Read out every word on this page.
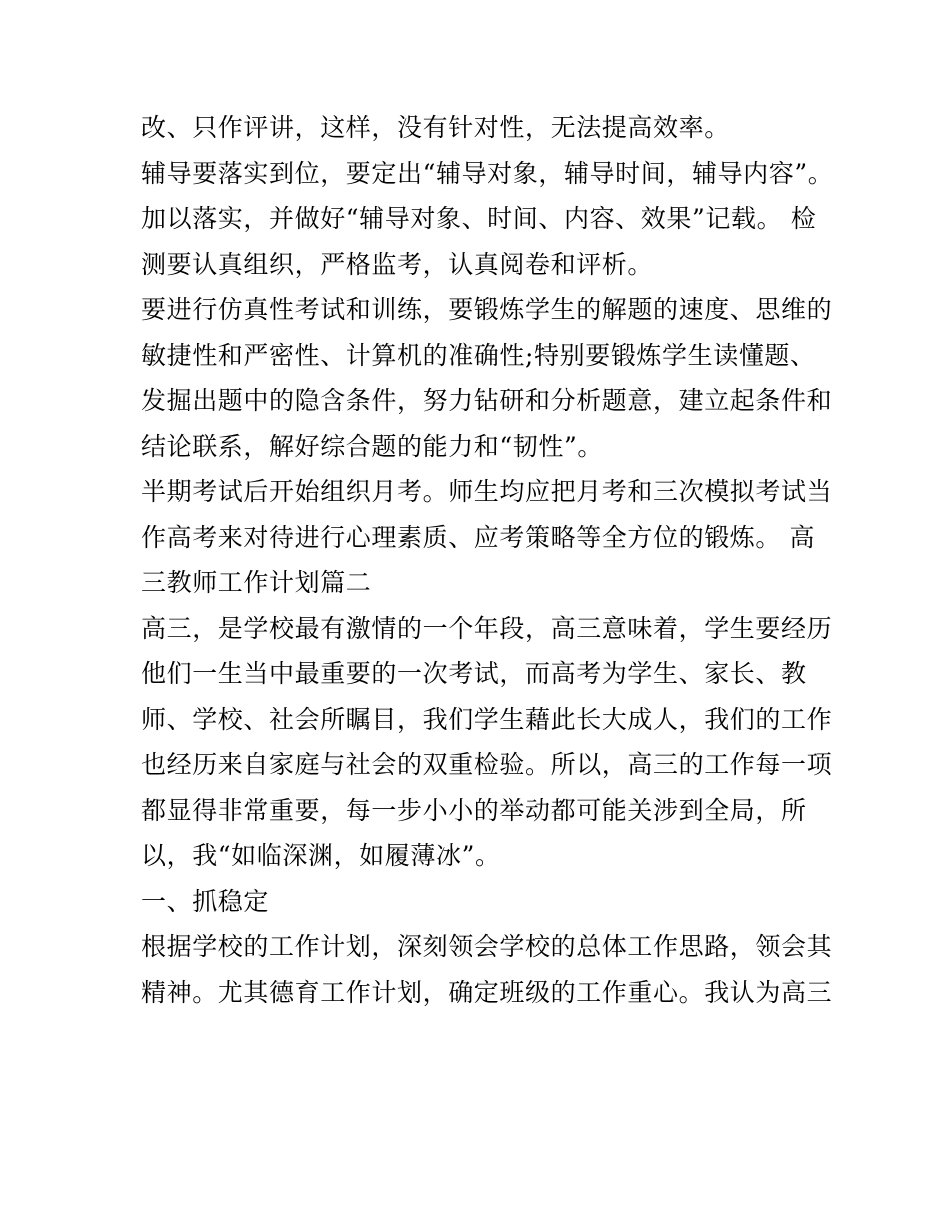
改、只作评讲，这样，没有针对性，无法提高效率。
辅导要落实到位，要定出“辅导对象，辅导时间，辅导内容”。
加以落实，并做好“辅导对象、时间、内容、效果”记载。 检
测要认真组织，严格监考，认真阅卷和评析。
要进行仿真性考试和训练，要锻炼学生的解题的速度、思维的
敏捷性和严密性、计算机的准确性;特别要锻炼学生读懂题、
发掘出题中的隐含条件，努力钻研和分析题意，建立起条件和
结论联系，解好综合题的能力和“韧性”。
半期考试后开始组织月考。师生均应把月考和三次模拟考试当
作高考来对待进行心理素质、应考策略等全方位的锻炼。 高
三教师工作计划篇二
高三，是学校最有激情的一个年段，高三意味着，学生要经历
他们一生当中最重要的一次考试，而高考为学生、家长、教
师、学校、社会所瞩目，我们学生藉此长大成人，我们的工作
也经历来自家庭与社会的双重检验。所以，高三的工作每一项
都显得非常重要，每一步小小的举动都可能关涉到全局，所
以，我“如临深渊，如履薄冰”。
一、抓稳定
根据学校的工作计划，深刻领会学校的总体工作思路，领会其
精神。尤其德育工作计划，确定班级的工作重心。我认为高三
